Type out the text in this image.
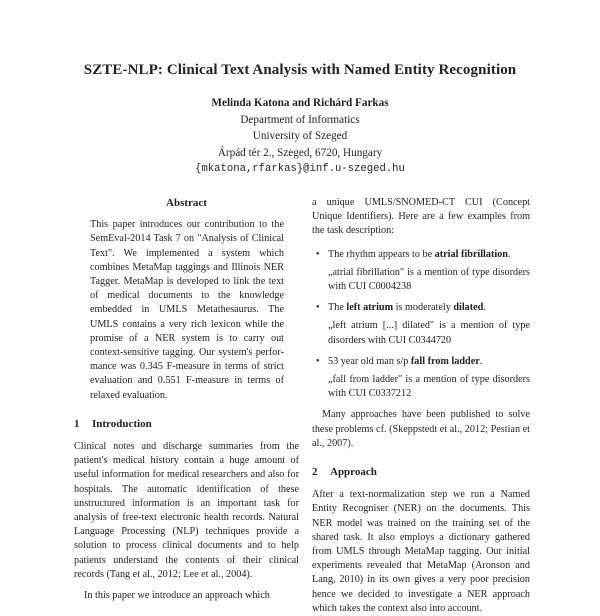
SZTE-NLP: Clinical Text Analysis with Named Entity Recognition
Melinda Katona and Richárd Farkas
Department of Informatics
University of Szeged
Árpád tér 2., Szeged, 6720, Hungary
{mkatona,rfarkas}@inf.u-szeged.hu

Abstract

This paper introduces our contribution to the SemEval-2014 Task 7 on "Analysis of Clinical Text". We implemented a system which combines MetaMap taggings and Illinois NER Tagger. MetaMap is developed to link the text of medical documents to the knowledge embedded in UMLS Metathesaurus. The UMLS contains a very rich lexicon while the promise of a NER system is to carry out context-sensitive tagging. Our system's performance was 0.345 F-measure in terms of strict evaluation and 0.551 F-measure in terms of relaxed evaluation.

1 Introduction

Clinical notes and discharge summaries from the patient's medical history contain a huge amount of useful information for medical researchers and also for hospitals. The automatic identification of these unstructured information is an important task for analysis of free-text electronic health records. Natural Language Processing (NLP) techniques provide a solution to process clinical documents and to help patients understand the contents of their clinical records (Tang et al., 2012; Lee et al., 2004).

In this paper we introduce an approach which

a unique UMLS/SNOMED-CT CUI (Concept Unique Identifiers). Here are a few examples from the task description:

• The rhythm appears to be atrial fibrillation.
„atrial fibrillation" is a mention of type disorders with CUI C0004238
• The left atrium is moderately dilated.
„left atrium [...] dilated" is a mention of type disorders with CUI C0344720
• 53 year old man s/p fall from ladder.
„fall from ladder" is a mention of type disorders with CUI C0337212

Many approaches have been published to solve these problems cf. (Skeppstedt et al., 2012; Pestian et al., 2007).

2 Approach

After a text-normalization step we run a Named Entity Recogniser (NER) on the documents. This NER model was trained on the training set of the shared task. It also employs a dictionary gathered from UMLS through MetaMap tagging. Our initial experiments revealed that MetaMap (Aronson and Lang, 2010) in its own gives a very poor precision hence we decided to investigate a NER approach which takes the context also into account.
